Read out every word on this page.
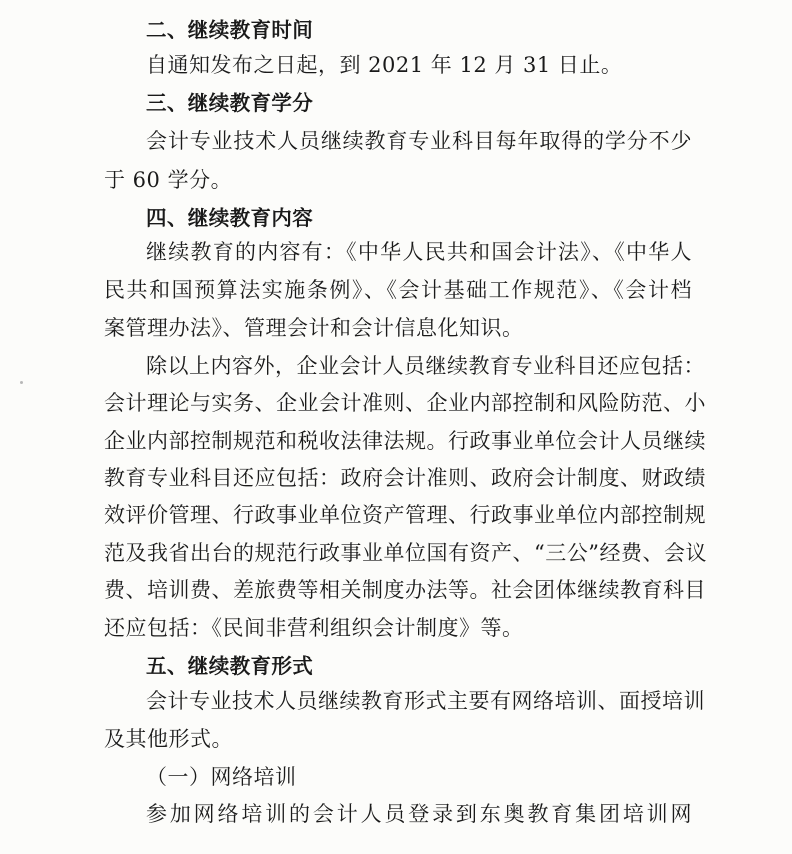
二、继续教育时间
自通知发布之日起，到 2021 年 12 月 31 日止。
三、继续教育学分
会计专业技术人员继续教育专业科目每年取得的学分不少
于 60 学分。
四、继续教育内容
继续教育的内容有：《中华人民共和国会计法》、《中华人
民共和国预算法实施条例》、《会计基础工作规范》、《会计档
案管理办法》、管理会计和会计信息化知识。
除以上内容外，企业会计人员继续教育专业科目还应包括：
会计理论与实务、企业会计准则、企业内部控制和风险防范、小
企业内部控制规范和税收法律法规。行政事业单位会计人员继续
教育专业科目还应包括：政府会计准则、政府会计制度、财政绩
效评价管理、行政事业单位资产管理、行政事业单位内部控制规
范及我省出台的规范行政事业单位国有资产、“三公”经费、会议
费、培训费、差旅费等相关制度办法等。社会团体继续教育科目
还应包括：《民间非营利组织会计制度》等。
五、继续教育形式
会计专业技术人员继续教育形式主要有网络培训、面授培训
及其他形式。
（一）网络培训
参加网络培训的会计人员登录到东奥教育集团培训网
